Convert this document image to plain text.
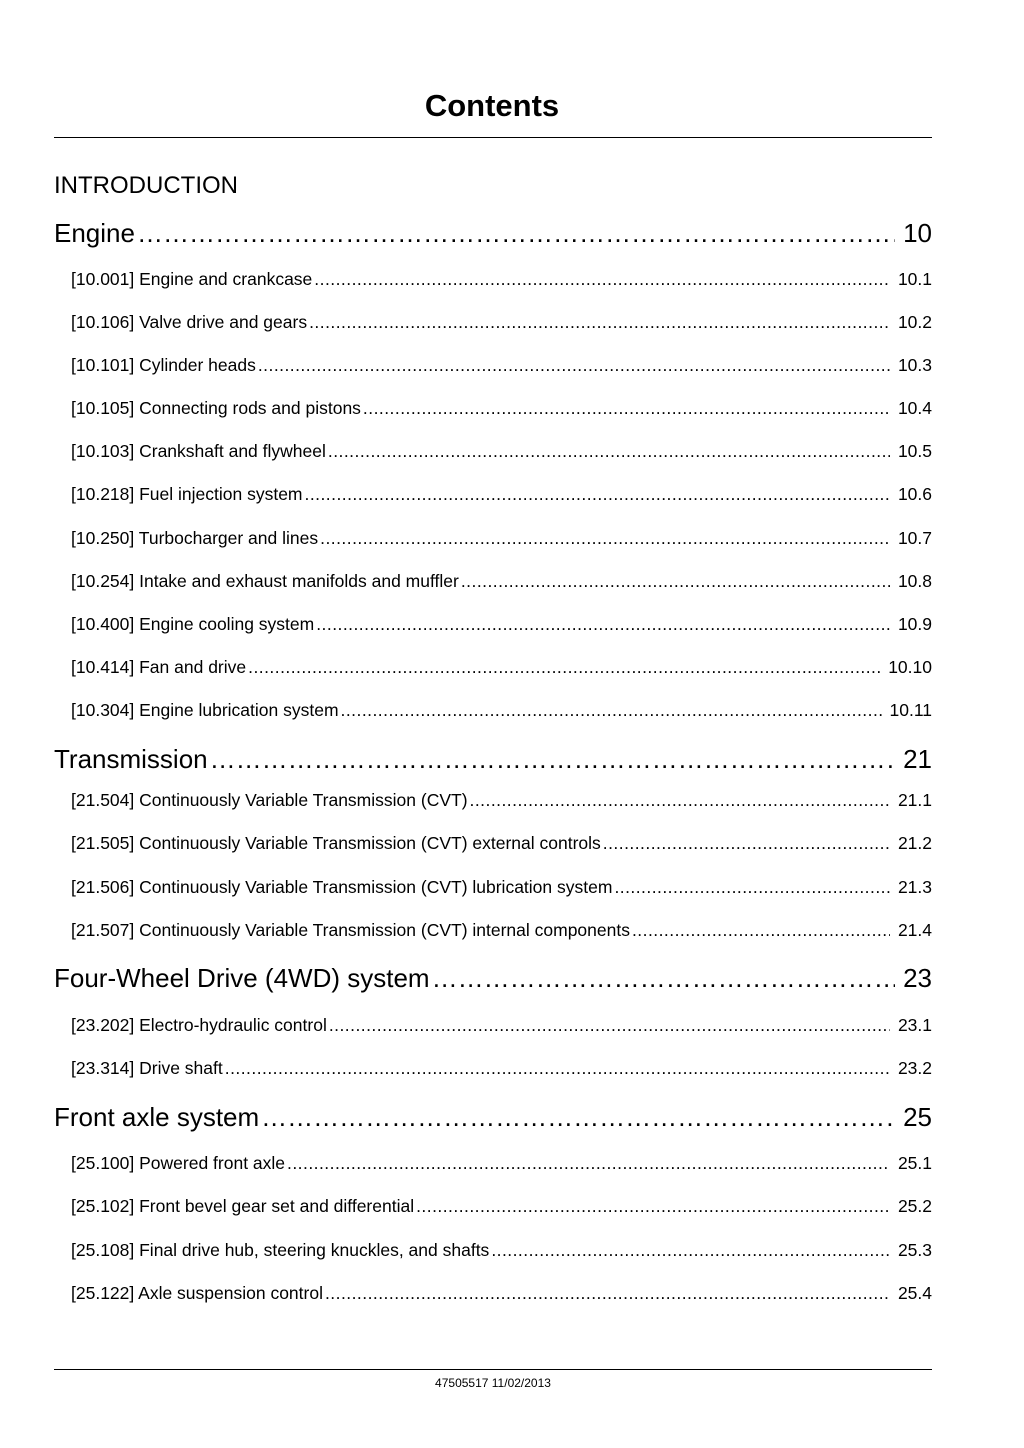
Contents
INTRODUCTION
Engine ………………………………………………………………………………………………………………………………………………………………………………………………………………………………………………………………………………………………………	10
[10.001] Engine and crankcase . . .	10.1
[10.106] Valve drive and gears . . .	10.2
[10.101] Cylinder heads . . .	10.3
[10.105] Connecting rods and pistons . . .	10.4
[10.103] Crankshaft and flywheel . . .	10.5
[10.218] Fuel injection system . . .	10.6
[10.250] Turbocharger and lines . . .	10.7
[10.254] Intake and exhaust manifolds and muffler . . .	10.8
[10.400] Engine cooling system . . .	10.9
[10.414] Fan and drive . . .	10.10
[10.304] Engine lubrication system . . .	10.11
Transmission ………………………………………………………………………………………………………………………………………………………………………………………………………………………………………………………………………………………………………	21
[21.504] Continuously Variable Transmission (CVT) . . .	21.1
[21.505] Continuously Variable Transmission (CVT) external controls . . .	21.2
[21.506] Continuously Variable Transmission (CVT) lubrication system . . .	21.3
[21.507] Continuously Variable Transmission (CVT) internal components . . .	21.4
Four-Wheel Drive (4WD) system ………………………………………………………………………………………………………………………………………………………………………………………………………………………………………………………………………………………………………	23
[23.202] Electro-hydraulic control . . .	23.1
[23.314] Drive shaft . . .	23.2
Front axle system ………………………………………………………………………………………………………………………………………………………………………………………………………………………………………………………………………………………………………	25
[25.100] Powered front axle . . .	25.1
[25.102] Front bevel gear set and differential . . .	25.2
[25.108] Final drive hub, steering knuckles, and shafts . . .	25.3
[25.122] Axle suspension control . . .	25.4
47505517 11/02/2013
